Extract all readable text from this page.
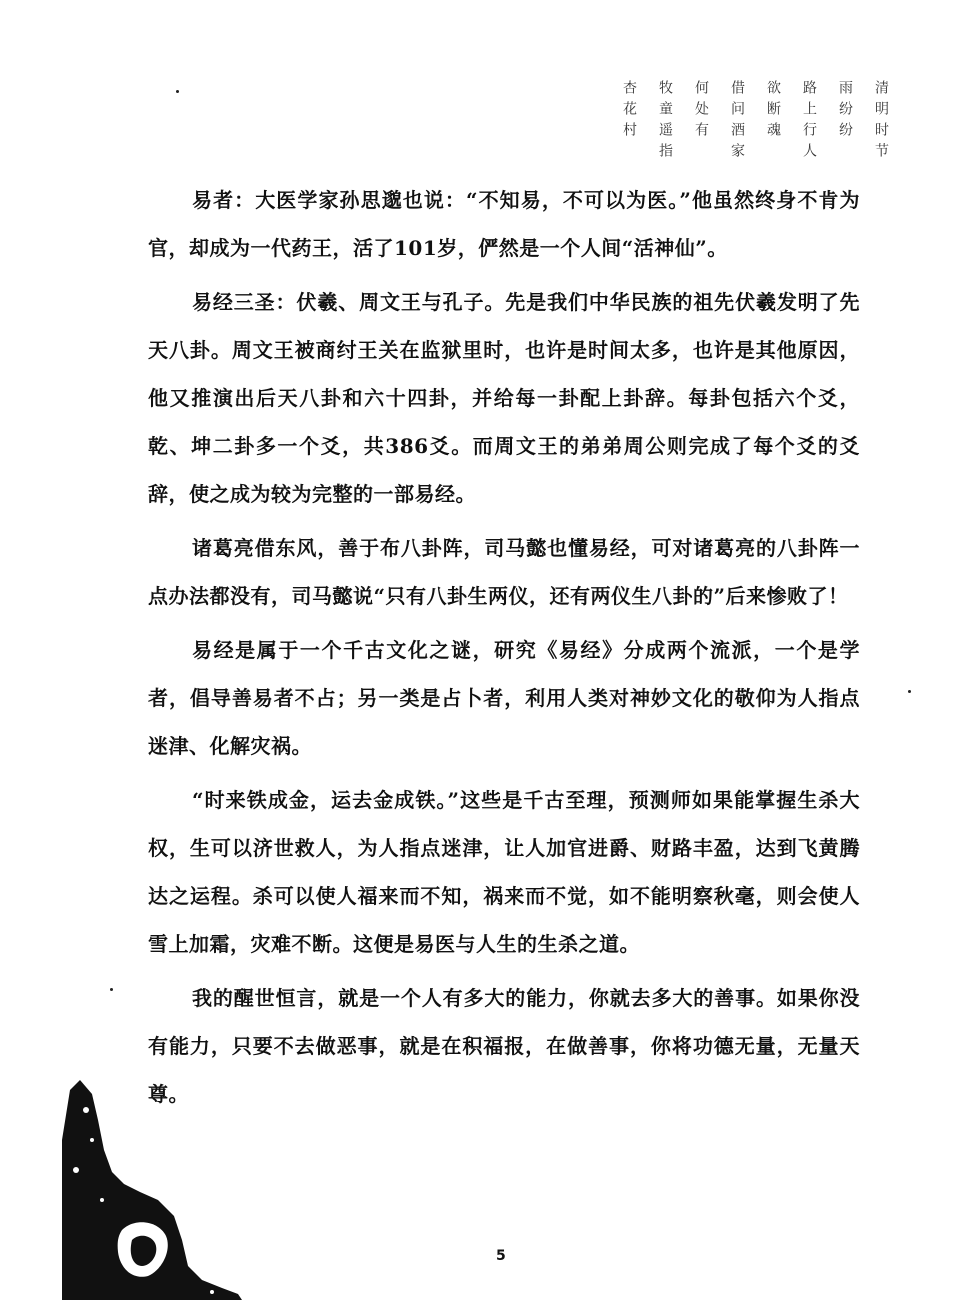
清明时节
雨纷纷
路上行人
欲断魂
借问酒家
何处有
牧童遥指
杏花村

易者：大医学家孙思邈也说：“不知易，不可以为医。”他虽然终身不肯为官，却成为一代药王，活了101岁，俨然是一个人间“活神仙”。

易经三圣：伏羲、周文王与孔子。先是我们中华民族的祖先伏羲发明了先天八卦。周文王被商纣王关在监狱里时，也许是时间太多，也许是其他原因，他又推演出后天八卦和六十四卦，并给每一卦配上卦辞。每卦包括六个爻，乾、坤二卦多一个爻，共386爻。而周文王的弟弟周公则完成了每个爻的爻辞，使之成为较为完整的一部易经。

诸葛亮借东风，善于布八卦阵，司马懿也懂易经，可对诸葛亮的八卦阵一点办法都没有，司马懿说“只有八卦生两仪，还有两仪生八卦的”后来惨败了！

易经是属于一个千古文化之谜，研究《易经》分成两个流派，一个是学者，倡导善易者不占；另一类是占卜者，利用人类对神妙文化的敬仰为人指点迷津、化解灾祸。

“时来铁成金，运去金成铁。”这些是千古至理，预测师如果能掌握生杀大权，生可以济世救人，为人指点迷津，让人加官进爵、财路丰盈，达到飞黄腾达之运程。杀可以使人福来而不知，祸来而不觉，如不能明察秋毫，则会使人雪上加霜，灾难不断。这便是易医与人生的生杀之道。

我的醒世恒言，就是一个人有多大的能力，你就去多大的善事。如果你没有能力，只要不去做恶事，就是在积福报，在做善事，你将功德无量，无量天尊。

5
